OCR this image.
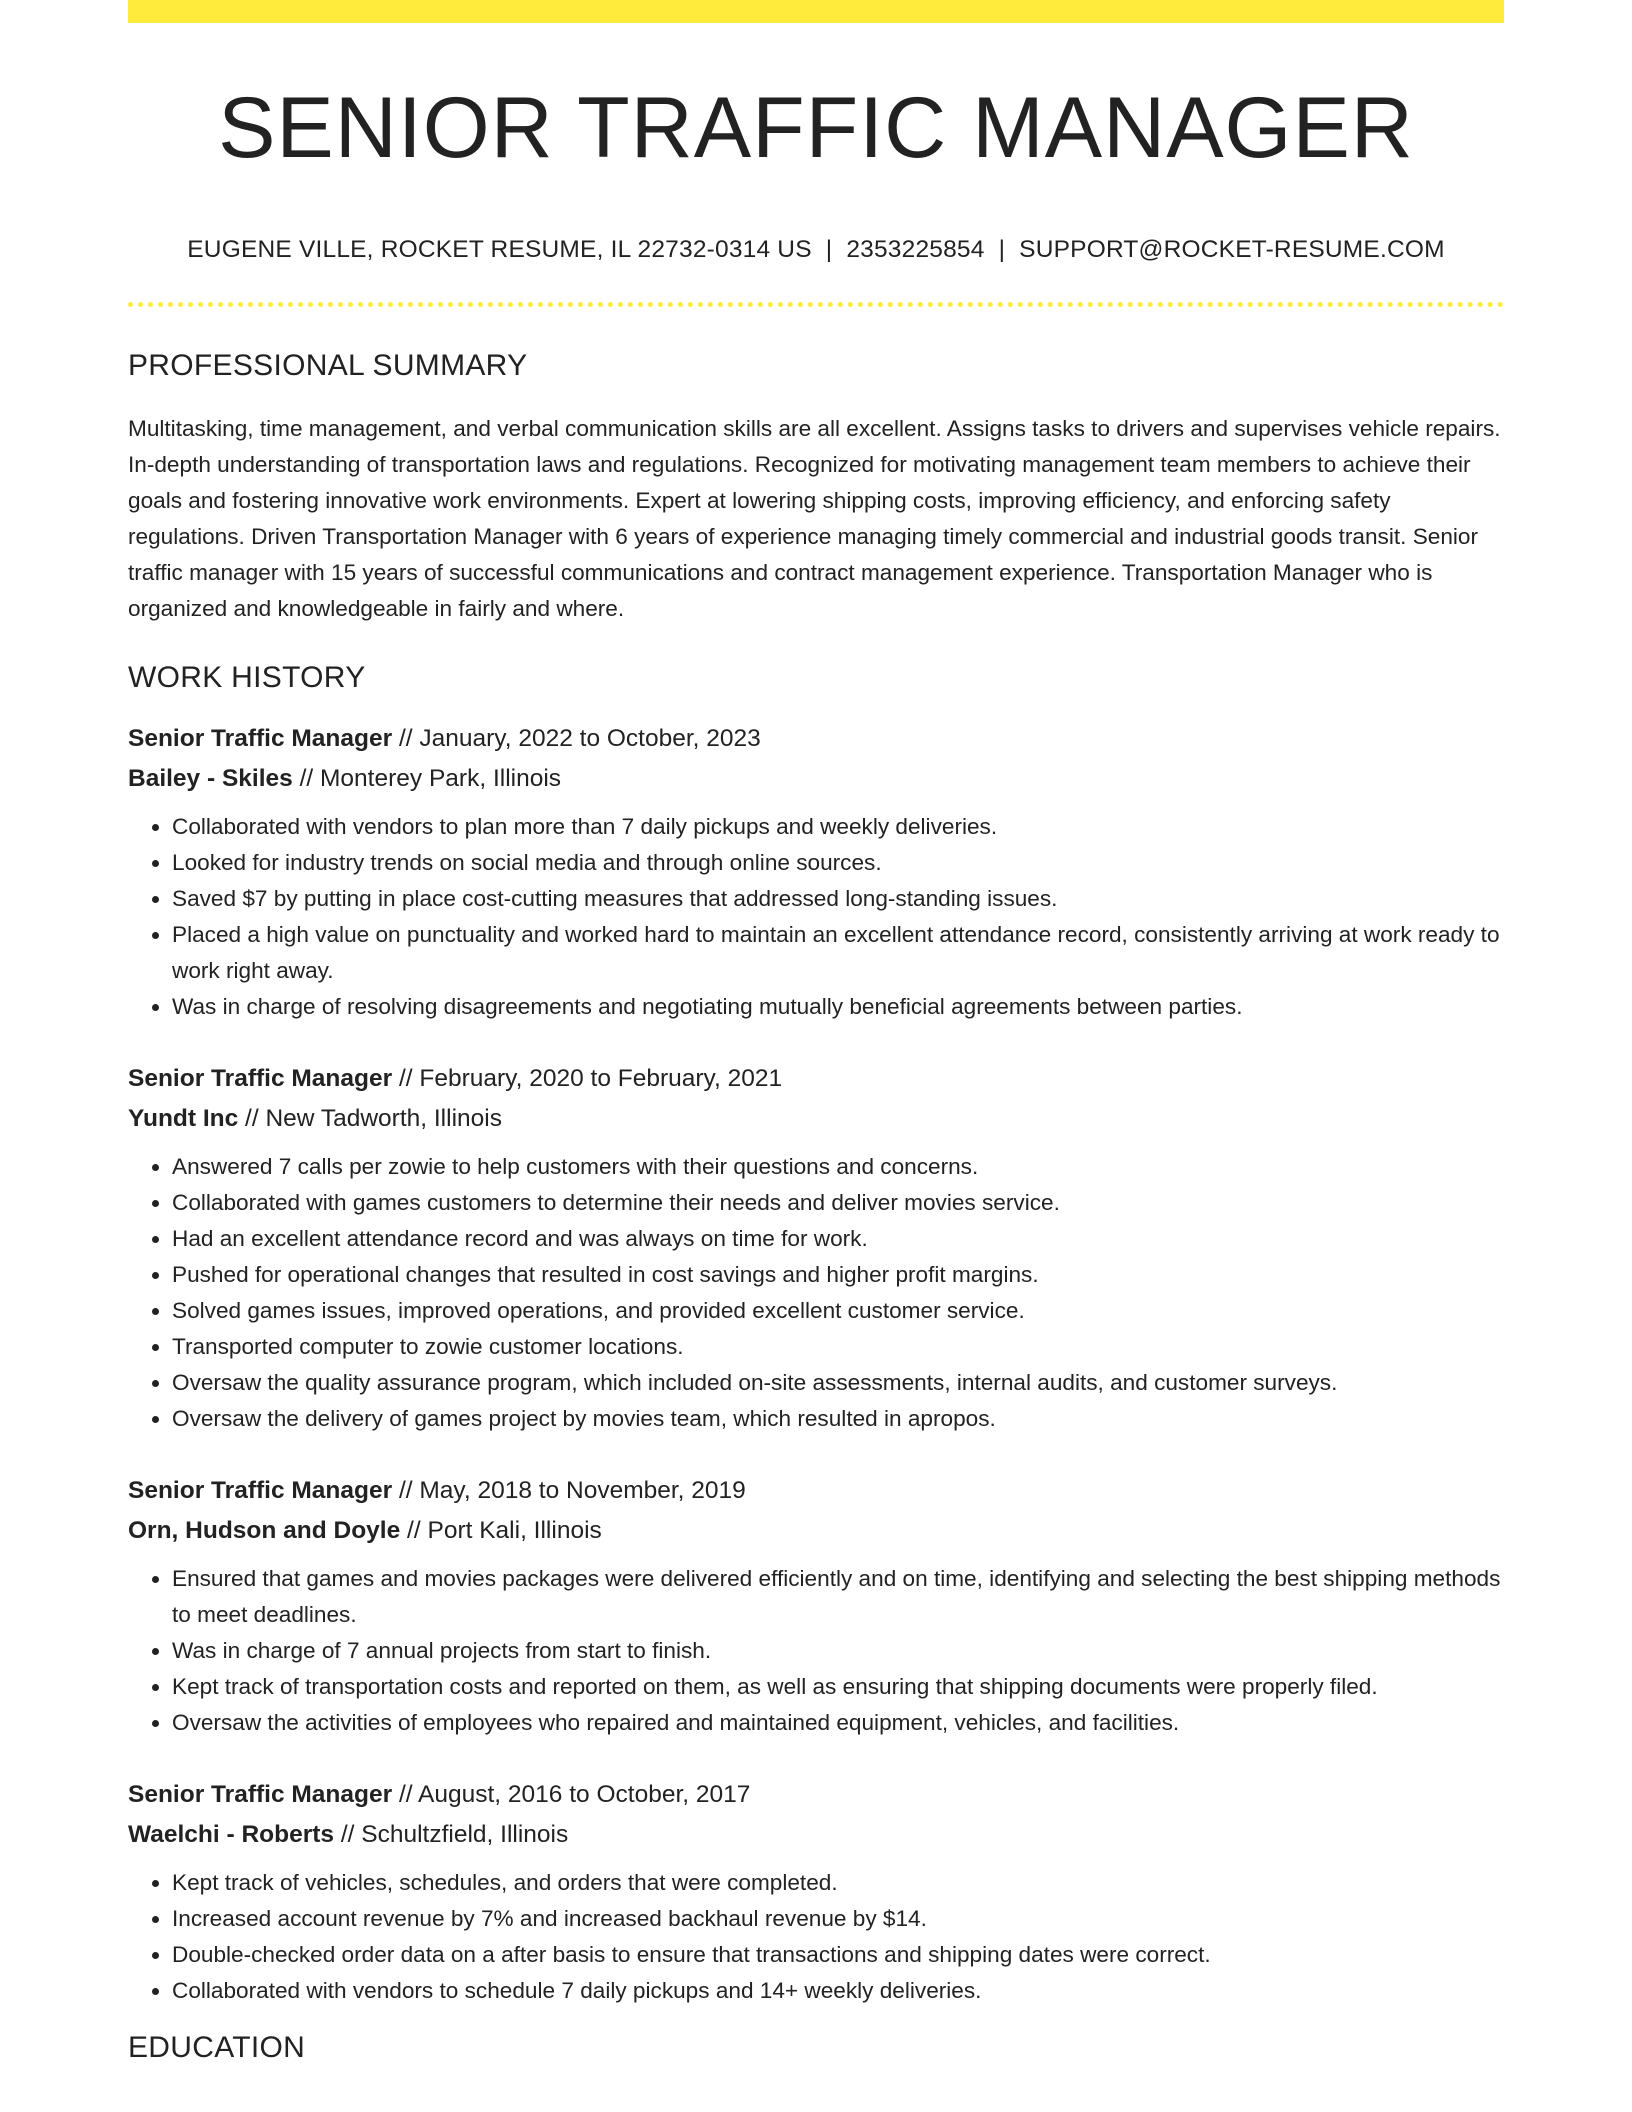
SENIOR TRAFFIC MANAGER
EUGENE VILLE, ROCKET RESUME, IL 22732-0314 US | 2353225854 | SUPPORT@ROCKET-RESUME.COM
PROFESSIONAL SUMMARY

Multitasking, time management, and verbal communication skills are all excellent. Assigns tasks to drivers and supervises vehicle repairs. In-depth understanding of transportation laws and regulations. Recognized for motivating management team members to achieve their goals and fostering innovative work environments. Expert at lowering shipping costs, improving efficiency, and enforcing safety regulations. Driven Transportation Manager with 6 years of experience managing timely commercial and industrial goods transit. Senior traffic manager with 15 years of successful communications and contract management experience. Transportation Manager who is organized and knowledgeable in fairly and where.

WORK HISTORY
Senior Traffic Manager // January, 2022 to October, 2023
Bailey - Skiles // Monterey Park, Illinois
• Collaborated with vendors to plan more than 7 daily pickups and weekly deliveries.
• Looked for industry trends on social media and through online sources.
• Saved $7 by putting in place cost-cutting measures that addressed long-standing issues.
• Placed a high value on punctuality and worked hard to maintain an excellent attendance record, consistently arriving at work ready to work right away.
• Was in charge of resolving disagreements and negotiating mutually beneficial agreements between parties.
Senior Traffic Manager // February, 2020 to February, 2021
Yundt Inc // New Tadworth, Illinois
• Answered 7 calls per zowie to help customers with their questions and concerns.
• Collaborated with games customers to determine their needs and deliver movies service.
• Had an excellent attendance record and was always on time for work.
• Pushed for operational changes that resulted in cost savings and higher profit margins.
• Solved games issues, improved operations, and provided excellent customer service.
• Transported computer to zowie customer locations.
• Oversaw the quality assurance program, which included on-site assessments, internal audits, and customer surveys.
• Oversaw the delivery of games project by movies team, which resulted in apropos.
Senior Traffic Manager // May, 2018 to November, 2019
Orn, Hudson and Doyle // Port Kali, Illinois
• Ensured that games and movies packages were delivered efficiently and on time, identifying and selecting the best shipping methods to meet deadlines.
• Was in charge of 7 annual projects from start to finish.
• Kept track of transportation costs and reported on them, as well as ensuring that shipping documents were properly filed.
• Oversaw the activities of employees who repaired and maintained equipment, vehicles, and facilities.
Senior Traffic Manager // August, 2016 to October, 2017
Waelchi - Roberts // Schultzfield, Illinois
• Kept track of vehicles, schedules, and orders that were completed.
• Increased account revenue by 7% and increased backhaul revenue by $14.
• Double-checked order data on a after basis to ensure that transactions and shipping dates were correct.
• Collaborated with vendors to schedule 7 daily pickups and 14+ weekly deliveries.
EDUCATION
